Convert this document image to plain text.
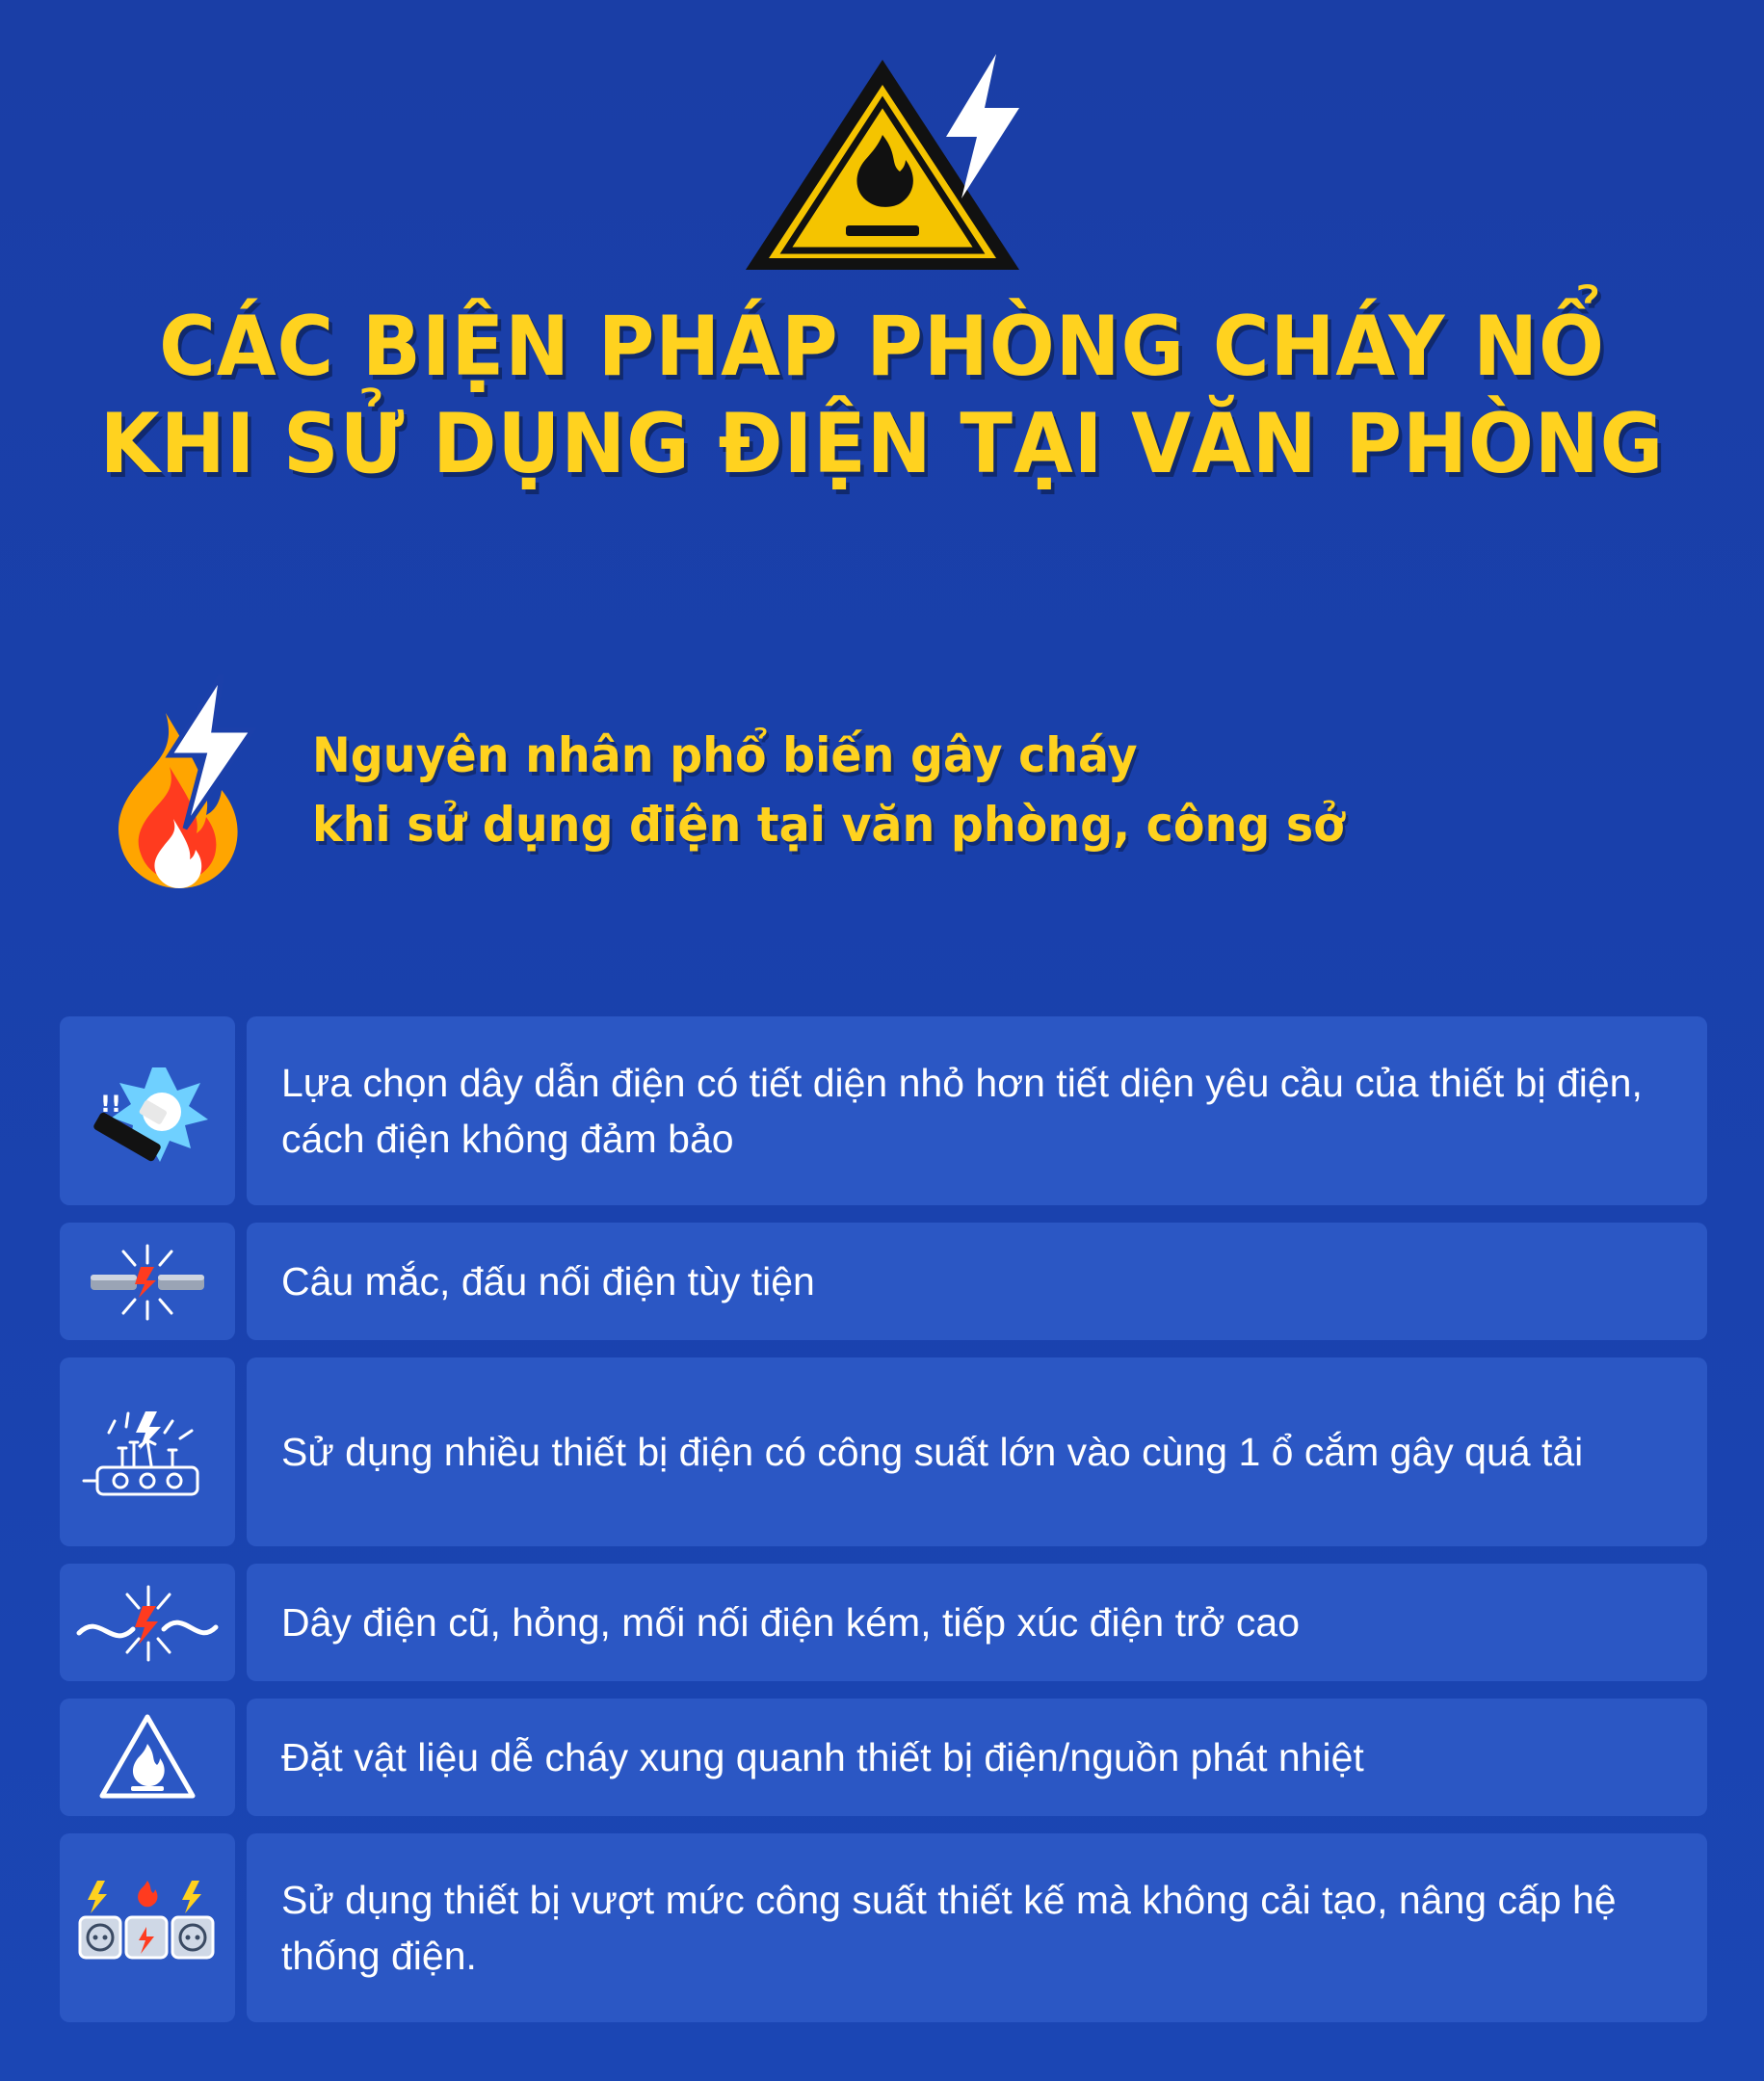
CÁC BIỆN PHÁP PHÒNG CHÁY NỔ
KHI SỬ DỤNG ĐIỆN TẠI VĂN PHÒNG
Nguyên nhân phổ biến gây cháy
khi sử dụng điện tại văn phòng, công sở
!!	Lựa chọn dây dẫn điện có tiết diện nhỏ hơn tiết diện yêu cầu của thiết bị điện, cách điện không đảm bảo
Câu mắc, đấu nối điện tùy tiện
Sử dụng nhiều thiết bị điện có công suất lớn vào cùng 1 ổ cắm gây quá tải
Dây điện cũ, hỏng, mối nối điện kém, tiếp xúc điện trở cao
Đặt vật liệu dễ cháy xung quanh thiết bị điện/nguồn phát nhiệt
Sử dụng thiết bị vượt mức công suất thiết kế mà không cải tạo, nâng cấp hệ thống điện.
